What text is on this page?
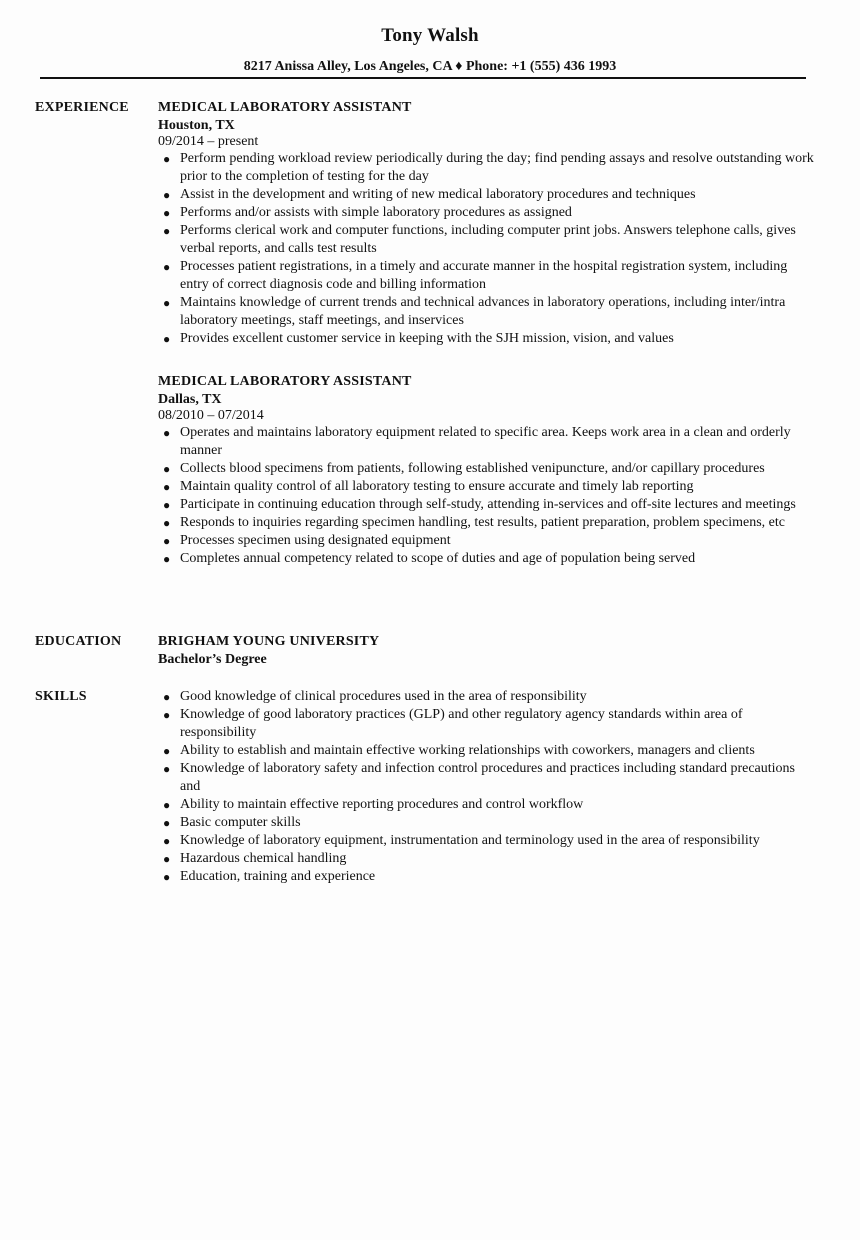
Tony Walsh
8217 Anissa Alley, Los Angeles, CA ♦ Phone: +1 (555) 436 1993
EXPERIENCE MEDICAL LABORATORY ASSISTANT
Houston, TX
09/2014 – present
● Perform pending workload review periodically during the day; find pending assays and resolve outstanding work prior to the completion of testing for the day
● Assist in the development and writing of new medical laboratory procedures and techniques
● Performs and/or assists with simple laboratory procedures as assigned
● Performs clerical work and computer functions, including computer print jobs. Answers telephone calls, gives verbal reports, and calls test results
● Processes patient registrations, in a timely and accurate manner in the hospital registration system, including entry of correct diagnosis code and billing information
● Maintains knowledge of current trends and technical advances in laboratory operations, including inter/intra laboratory meetings, staff meetings, and inservices
● Provides excellent customer service in keeping with the SJH mission, vision, and values
MEDICAL LABORATORY ASSISTANT
Dallas, TX
08/2010 – 07/2014
● Operates and maintains laboratory equipment related to specific area. Keeps work area in a clean and orderly manner
● Collects blood specimens from patients, following established venipuncture, and/or capillary procedures
● Maintain quality control of all laboratory testing to ensure accurate and timely lab reporting
● Participate in continuing education through self-study, attending in-services and off-site lectures and meetings
● Responds to inquiries regarding specimen handling, test results, patient preparation, problem specimens, etc
● Processes specimen using designated equipment
● Completes annual competency related to scope of duties and age of population being served
EDUCATION	BRIGHAM YOUNG UNIVERSITY
Bachelor’s Degree
SKILLS	● Good knowledge of clinical procedures used in the area of responsibility
● Knowledge of good laboratory practices (GLP) and other regulatory agency standards within area of responsibility
● Ability to establish and maintain effective working relationships with coworkers, managers and clients
● Knowledge of laboratory safety and infection control procedures and practices including standard precautions and
● Ability to maintain effective reporting procedures and control workflow
● Basic computer skills
● Knowledge of laboratory equipment, instrumentation and terminology used in the area of responsibility
● Hazardous chemical handling
● Education, training and experience
